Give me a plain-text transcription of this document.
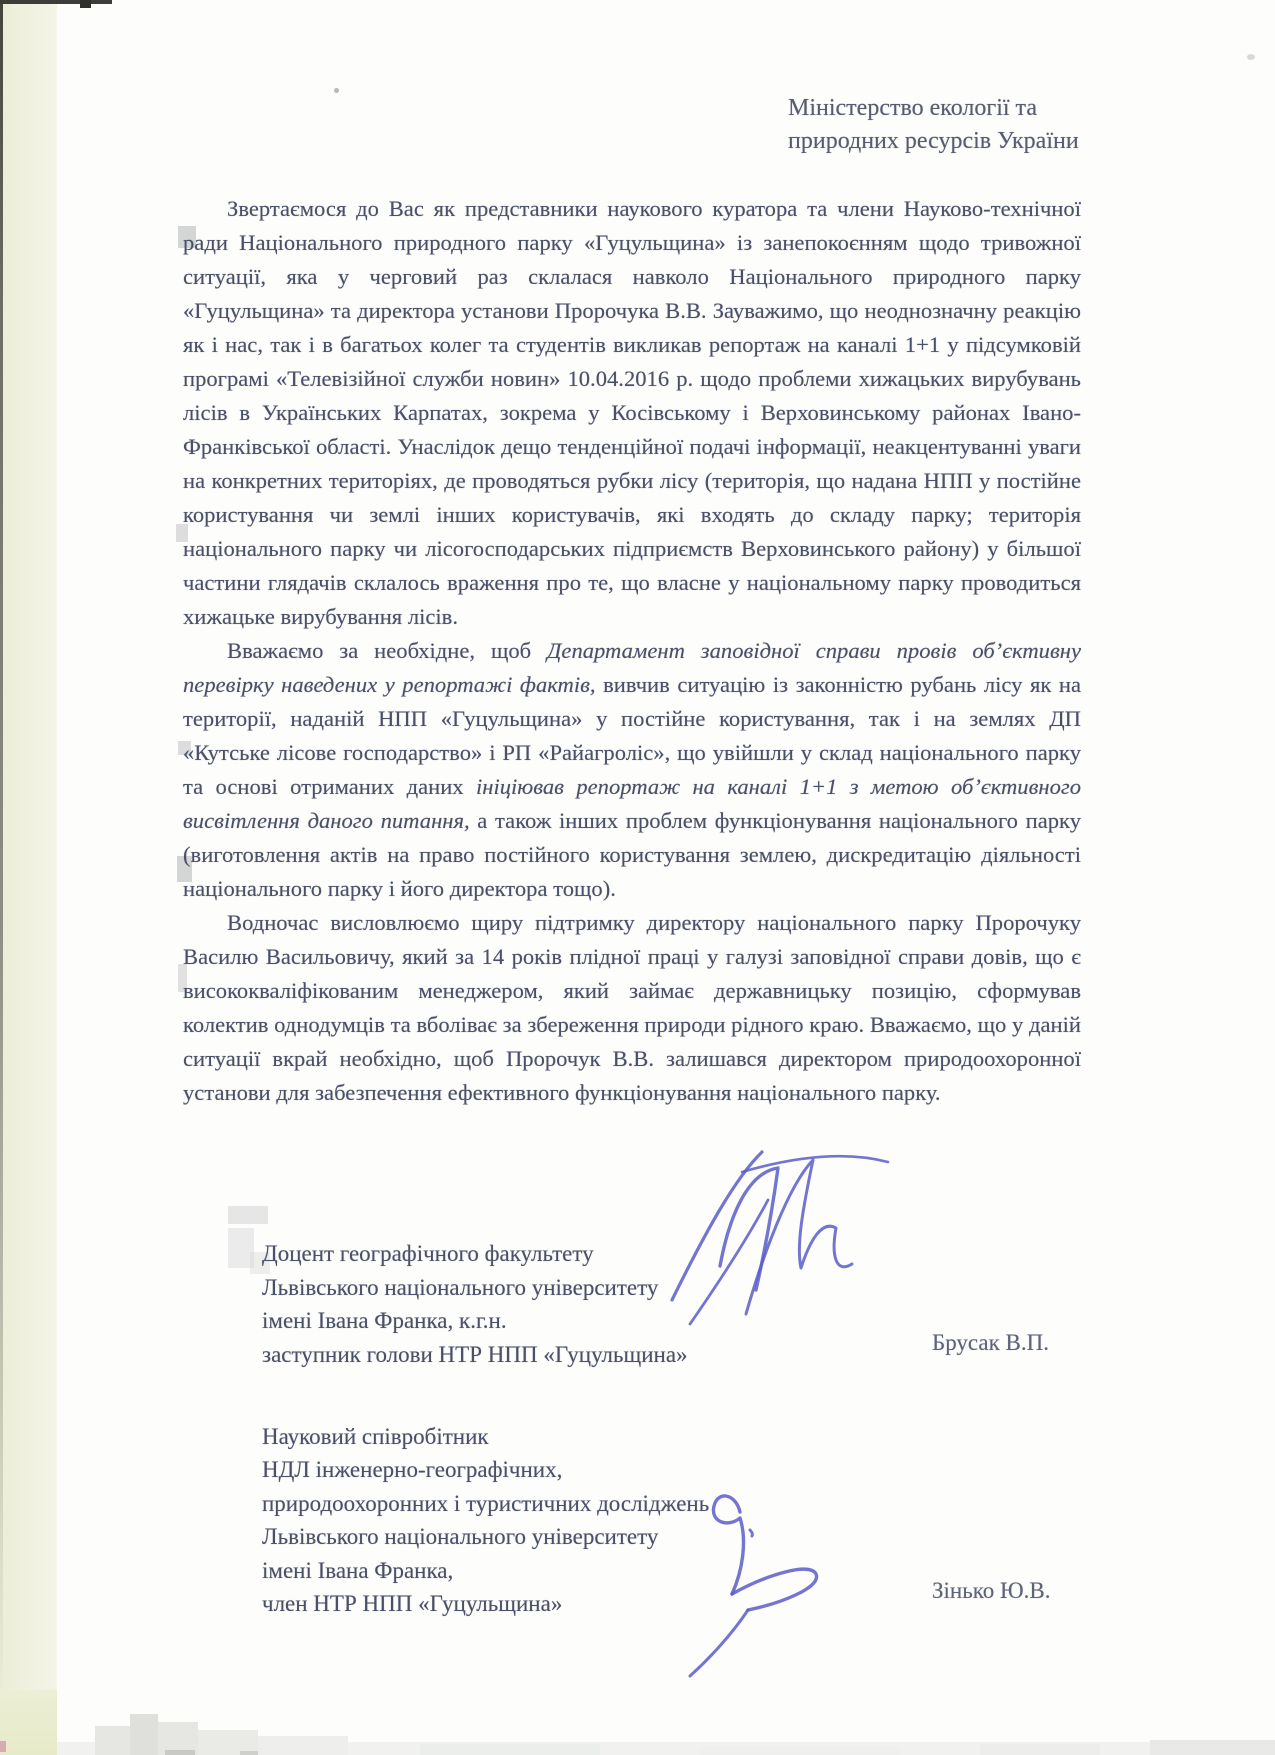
Міністерство екології та
природних ресурсів України

Звертаємося до Вас як представники наукового куратора та члени Науково-технічної ради Національного природного парку «Гуцульщина» із занепокоєнням щодо тривожної ситуації, яка у черговий раз склалася навколо Національного природного парку «Гуцульщина» та директора установи Пророчука В.В. Зауважимо, що неоднозначну реакцію як і нас, так і в багатьох колег та студентів викликав репортаж на каналі 1+1 у підсумковій програмі «Телевізійної служби новин» 10.04.2016 р. щодо проблеми хижацьких вирубувань лісів в Українських Карпатах, зокрема у Косівському і Верховинському районах Івано-Франківської області. Унаслідок дещо тенденційної подачі інформації, неакцентуванні уваги на конкретних територіях, де проводяться рубки лісу (територія, що надана НПП у постійне користування чи землі інших користувачів, які входять до складу парку; територія національного парку чи лісогосподарських підприємств Верховинського району) у більшої частини глядачів склалось враження про те, що власне у національному парку проводиться хижацьке вирубування лісів.

Вважаємо за необхідне, щоб Департамент заповідної справи провів об’єктивну перевірку наведених у репортажі фактів, вивчив ситуацію із законністю рубань лісу як на території, наданій НПП «Гуцульщина» у постійне користування, так і на землях ДП «Кутське лісове господарство» і РП «Райагроліс», що увійшли у склад національного парку та основі отриманих даних ініціював репортаж на каналі 1+1 з метою об’єктивного висвітлення даного питання, а також інших проблем функціонування національного парку (виготовлення актів на право постійного користування землею, дискредитацію діяльності національного парку і його директора тощо).

Водночас висловлюємо щиру підтримку директору національного парку Пророчуку Василю Васильовичу, який за 14 років плідної праці у галузі заповідної справи довів, що є висококваліфікованим менеджером, який займає державницьку позицію, сформував колектив однодумців та вболіває за збереження природи рідного краю. Вважаємо, що у даній ситуації вкрай необхідно, щоб Пророчук В.В. залишався директором природоохоронної установи для забезпечення ефективного функціонування національного парку.

Доцент географічного факультету
Львівського національного університету
імені Івана Франка, к.г.н.
заступник голови НТР НПП «Гуцульщина»	Брусак В.П.
Науковий співробітник
НДЛ інженерно-географічних,
природоохоронних і туристичних досліджень
Львівського національного університету
імені Івана Франка,
член НТР НПП «Гуцульщина»
Зінько Ю.В.
